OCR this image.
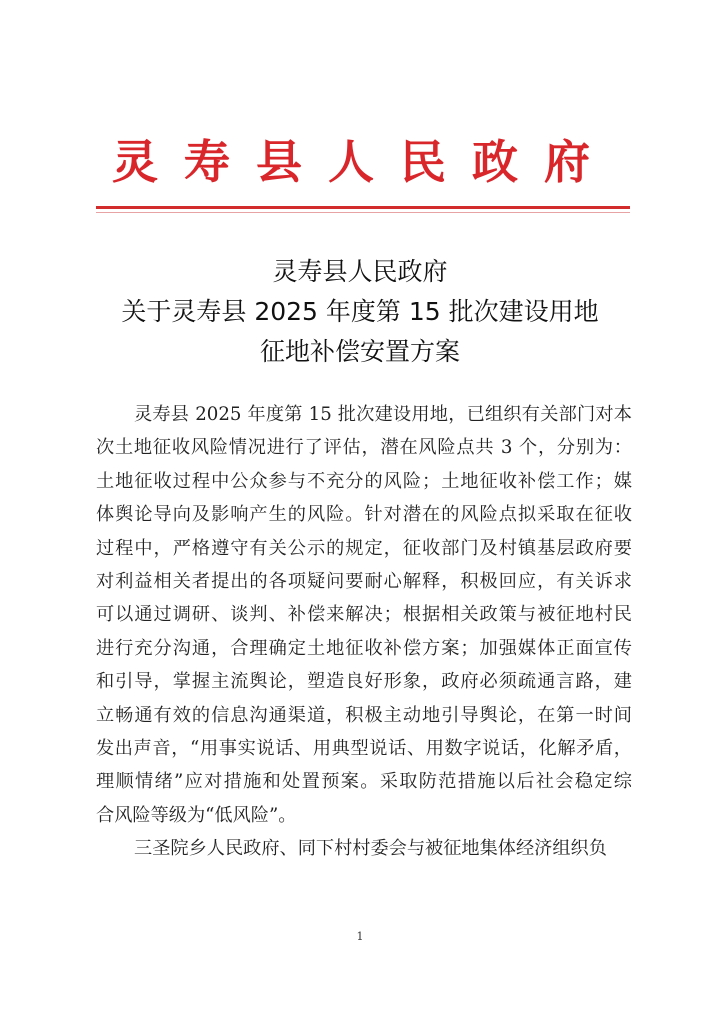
灵寿县人民政府
灵寿县人民政府
关于灵寿县 2025 年度第 15 批次建设用地
征地补偿安置方案
灵寿县 2025 年度第 15 批次建设用地，已组织有关部门对本
次土地征收风险情况进行了评估，潜在风险点共 3 个，分别为：
土地征收过程中公众参与不充分的风险；土地征收补偿工作；媒
体舆论导向及影响产生的风险。针对潜在的风险点拟采取在征收
过程中，严格遵守有关公示的规定，征收部门及村镇基层政府要
对利益相关者提出的各项疑问要耐心解释，积极回应，有关诉求
可以通过调研、谈判、补偿来解决；根据相关政策与被征地村民
进行充分沟通，合理确定土地征收补偿方案；加强媒体正面宣传
和引导，掌握主流舆论，塑造良好形象，政府必须疏通言路，建
立畅通有效的信息沟通渠道，积极主动地引导舆论，在第一时间
发出声音，“用事实说话、用典型说话、用数字说话，化解矛盾，
理顺情绪”应对措施和处置预案。采取防范措施以后社会稳定综
合风险等级为“低风险”。
三圣院乡人民政府、同下村村委会与被征地集体经济组织负
1
